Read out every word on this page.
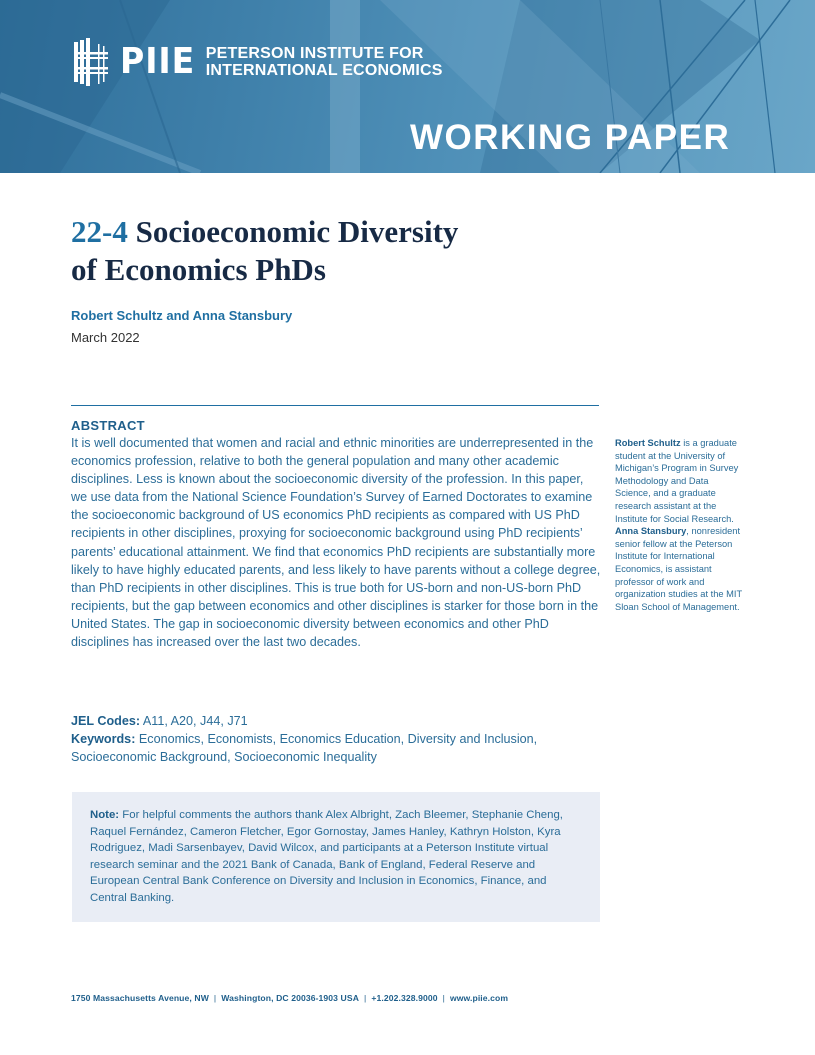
PIIE PETERSON INSTITUTE FOR
INTERNATIONAL ECONOMICS
WORKING PAPER
22-4 Socioeconomic Diversity
of Economics PhDs
Robert Schultz and Anna Stansbury
March 2022
ABSTRACT

It is well documented that women and racial and ethnic minorities are underrepresented in the economics profession, relative to both the general population and many other academic disciplines. Less is known about the socioeconomic diversity of the profession. In this paper, we use data from the National Science Foundation’s Survey of Earned Doctorates to examine the socioeconomic background of US economics PhD recipients as compared with US PhD recipients in other disciplines, proxying for socioeconomic background using PhD recipients’ parents’ educational attainment. We find that economics PhD recipients are substantially more likely to have highly educated parents, and less likely to have parents without a college degree, than PhD recipients in other disciplines. This is true both for US-born and non-US-born PhD recipients, but the gap between economics and other disciplines is starker for those born in the United States. The gap in socioeconomic diversity between economics and other PhD disciplines has increased over the last two decades.

JEL Codes: A11, A20, J44, J71
Keywords: Economics, Economists, Economics Education, Diversity and Inclusion, Socioeconomic Background, Socioeconomic Inequality
Robert Schultz is a graduate student at the University of Michigan’s Program in Survey Methodology and Data Science, and a graduate research assistant at the Institute for Social Research. Anna Stansbury, nonresident senior fellow at the Peterson Institute for International Economics, is assistant professor of work and organization studies at the MIT Sloan School of Management.
Note: For helpful comments the authors thank Alex Albright, Zach Bleemer, Stephanie Cheng, Raquel Fernández, Cameron Fletcher, Egor Gornostay, James Hanley, Kathryn Holston, Kyra Rodriguez, Madi Sarsenbayev, David Wilcox, and participants at a Peterson Institute virtual research seminar and the 2021 Bank of Canada, Bank of England, Federal Reserve and European Central Bank Conference on Diversity and Inclusion in Economics, Finance, and Central Banking.
1750 Massachusetts Avenue, NW | Washington, DC 20036-1903 USA | +1.202.328.9000 | www.piie.com
